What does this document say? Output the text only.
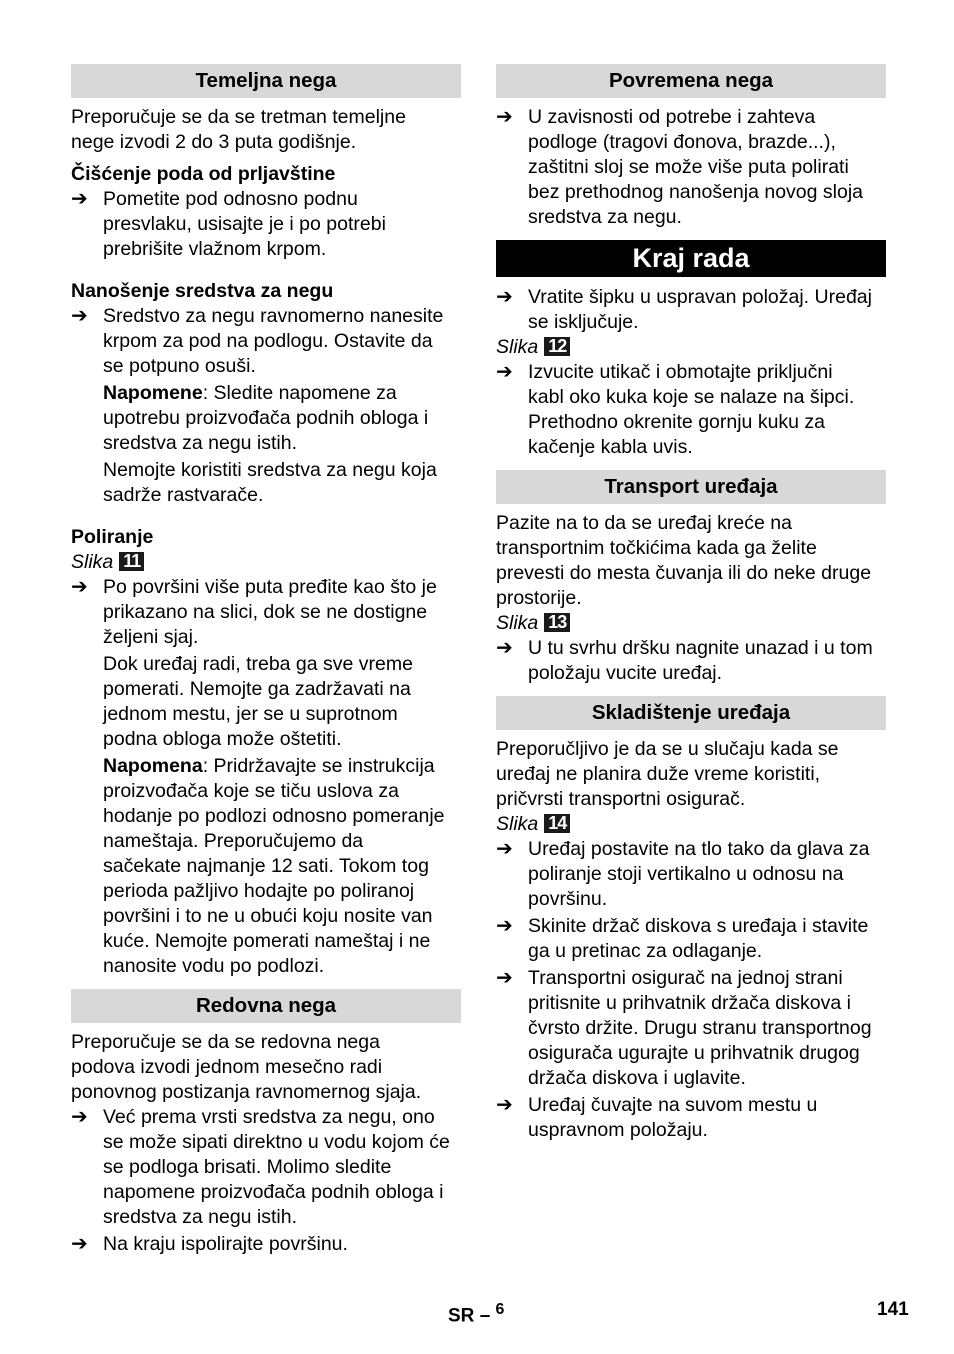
Temeljna nega

Preporučuje se da se tretman temeljne
nege izvodi 2 do 3 puta godišnje.

Čišćenje poda od prljavštine
➔ Pometite pod odnosno podnu
presvlaku, usisajte je i po potrebi
prebrišite vlažnom krpom.

Nanošenje sredstva za negu
➔ Sredstvo za negu ravnomerno nanesite
krpom za pod na podlogu. Ostavite da
se potpuno osuši.

Napomene: Sledite napomene za
upotrebu proizvođača podnih obloga i
sredstva za negu istih.

Nemojte koristiti sredstva za negu koja
sadrže rastvarače.

Poliranje
Slika 11
➔ Po površini više puta pređite kao što je
prikazano na slici, dok se ne dostigne
željeni sjaj.

Dok uređaj radi, treba ga sve vreme
pomerati. Nemojte ga zadržavati na
jednom mestu, jer se u suprotnom
podna obloga može oštetiti.

Napomena: Pridržavajte se instrukcija
proizvođača koje se tiču uslova za
hodanje po podlozi odnosno pomeranje
nameštaja. Preporučujemo da
sačekate najmanje 12 sati. Tokom tog
perioda pažljivo hodajte po poliranoj
površini i to ne u obući koju nosite van
kuće. Nemojte pomerati nameštaj i ne
nanosite vodu po podlozi.
Redovna nega

Preporučuje se da se redovna nega
podova izvodi jednom mesečno radi
ponovnog postizanja ravnomernog sjaja.

➔ Već prema vrsti sredstva za negu, ono
se može sipati direktno u vodu kojom će
se podloga brisati. Molimo sledite
napomene proizvođača podnih obloga i
sredstva za negu istih.

➔ Na kraju ispolirajte površinu.

Povremena nega
➔ U zavisnosti od potrebe i zahteva
podloge (tragovi đonova, brazde...),
zaštitni sloj se može više puta polirati
bez prethodnog nanošenja novog sloja
sredstva za negu.

Kraj rada
➔ Vratite šipku u uspravan položaj. Uređaj
se isključuje.

Slika 12
➔ Izvucite utikač i obmotajte priključni
kabl oko kuka koje se nalaze na šipci.
Prethodno okrenite gornju kuku za
kačenje kabla uvis.

Transport uređaja

Pazite na to da se uređaj kreće na
transportnim točkićima kada ga želite
prevesti do mesta čuvanja ili do neke druge
prostorije.

Slika 13
➔ U tu svrhu dršku nagnite unazad i u tom
položaju vucite uređaj.

Skladištenje uređaja

Preporučljivo je da se u slučaju kada se
uređaj ne planira duže vreme koristiti,
pričvrsti transportni osigurač.

Slika 14
➔ Uređaj postavite na tlo tako da glava za
poliranje stoji vertikalno u odnosu na
površinu.

➔ Skinite držač diskova s uređaja i stavite
ga u pretinac za odlaganje.

➔ Transportni osigurač na jednoj strani
pritisnite u prihvatnik držača diskova i
čvrsto držite. Drugu stranu transportnog
osigurača ugurajte u prihvatnik drugog
držača diskova i uglavite.

➔ Uređaj čuvajte na suvom mestu u
uspravnom položaju.

SR – $^6$	141
